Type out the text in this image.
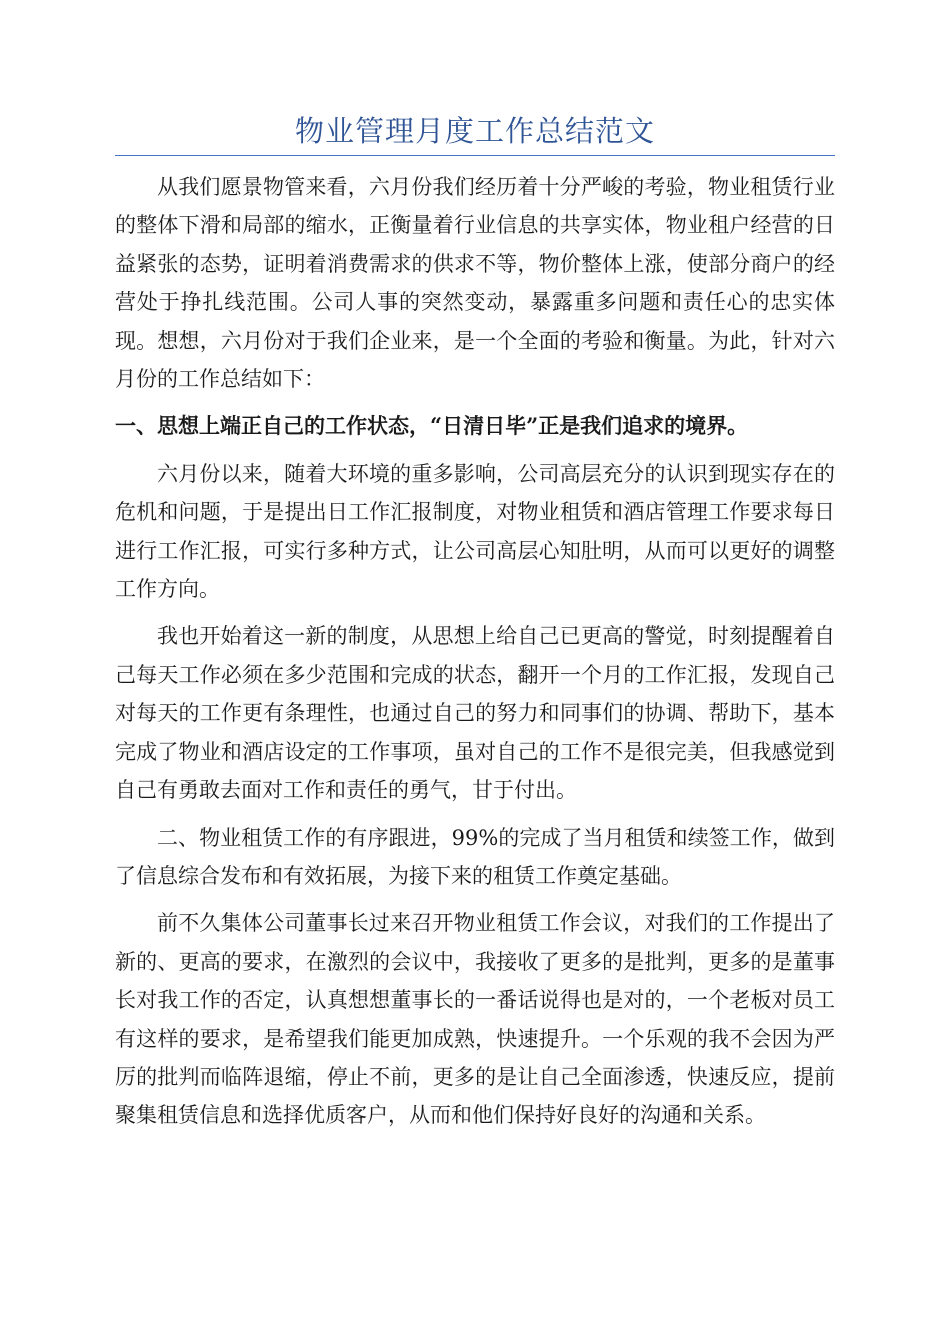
物业管理月度工作总结范文

从我们愿景物管来看，六月份我们经历着十分严峻的考验，物业租赁行业的整体下滑和局部的缩水，正衡量着行业信息的共享实体，物业租户经营的日益紧张的态势，证明着消费需求的供求不等，物价整体上涨，使部分商户的经营处于挣扎线范围。公司人事的突然变动，暴露重多问题和责任心的忠实体现。想想，六月份对于我们企业来，是一个全面的考验和衡量。为此，针对六月份的工作总结如下：

一、思想上端正自己的工作状态，“日清日毕”正是我们追求的境界。

六月份以来，随着大环境的重多影响，公司高层充分的认识到现实存在的危机和问题，于是提出日工作汇报制度，对物业租赁和酒店管理工作要求每日进行工作汇报，可实行多种方式，让公司高层心知肚明，从而可以更好的调整工作方向。

我也开始着这一新的制度，从思想上给自己已更高的警觉，时刻提醒着自己每天工作必须在多少范围和完成的状态，翻开一个月的工作汇报，发现自己对每天的工作更有条理性，也通过自己的努力和同事们的协调、帮助下，基本完成了物业和酒店设定的工作事项，虽对自己的工作不是很完美，但我感觉到自己有勇敢去面对工作和责任的勇气，甘于付出。

二、物业租赁工作的有序跟进，99%的完成了当月租赁和续签工作，做到了信息综合发布和有效拓展，为接下来的租赁工作奠定基础。

前不久集体公司董事长过来召开物业租赁工作会议，对我们的工作提出了新的、更高的要求，在激烈的会议中，我接收了更多的是批判，更多的是董事长对我工作的否定，认真想想董事长的一番话说得也是对的，一个老板对员工有这样的要求，是希望我们能更加成熟，快速提升。一个乐观的我不会因为严厉的批判而临阵退缩，停止不前，更多的是让自己全面渗透，快速反应，提前聚集租赁信息和选择优质客户，从而和他们保持好良好的沟通和关系。
